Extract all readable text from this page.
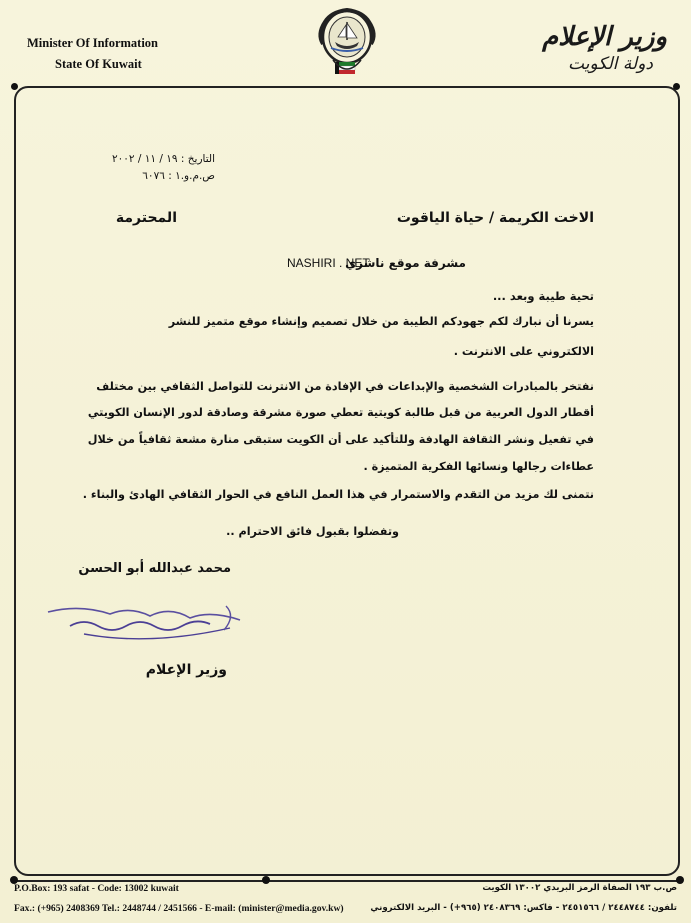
Minister Of Information
State Of Kuwait
وزير الإعلام
دولة الكويت
التاريخ : ١٩ / ١١ / ٢٠٠٢
ص.م.و.١ : ٦٠٧٦
الاخت الكريمة / حياة الياقوت
المحترمة
مشرفة موقع ناشري
NASHIRI . NET
تحية طيبة وبعد ...
يسرنا أن نبارك لكم جهودكم الطيبة من خلال تصميم وإنشاء موقع متميز للنشر
الالكتروني على الانترنت .
نفتخر بالمبادرات الشخصية والإبداعات في الإفادة من الانترنت للتواصل الثقافي بين مختلف
أقطار الدول العربية من قبل طالبة كويتية تعطي صورة مشرقة وصادقة لدور الإنسان الكويتي
في تفعيل ونشر الثقافة الهادفة وللتأكيد على أن الكويت ستبقى منارة مشعة ثقافياً من خلال
عطاءات رجالها ونسائها الفكرية المتميزة .
نتمنى لك مزيد من التقدم والاستمرار في هذا العمل النافع في الحوار الثقافي الهادئ والبناء .
وتفضلوا بقبول فائق الاحترام ..
محمد عبدالله أبو الحسن
وزير الإعلام
P.O.Box: 193 safat - Code: 13002 kuwait
Fax.: (+965) 2408369 Tel.: 2448744 / 2451566 - E-mail: (minister@media.gov.kw)
ص.ب ١٩٣ الصفاة الرمز البريدي ١٣٠٠٢ الكويت
تلفون: ٢٤٤٨٧٤٤ / ٢٤٥١٥٦٦ - فاكس: ٢٤٠٨٣٦٩ (٩٦٥+) - البريد الالكتروني
